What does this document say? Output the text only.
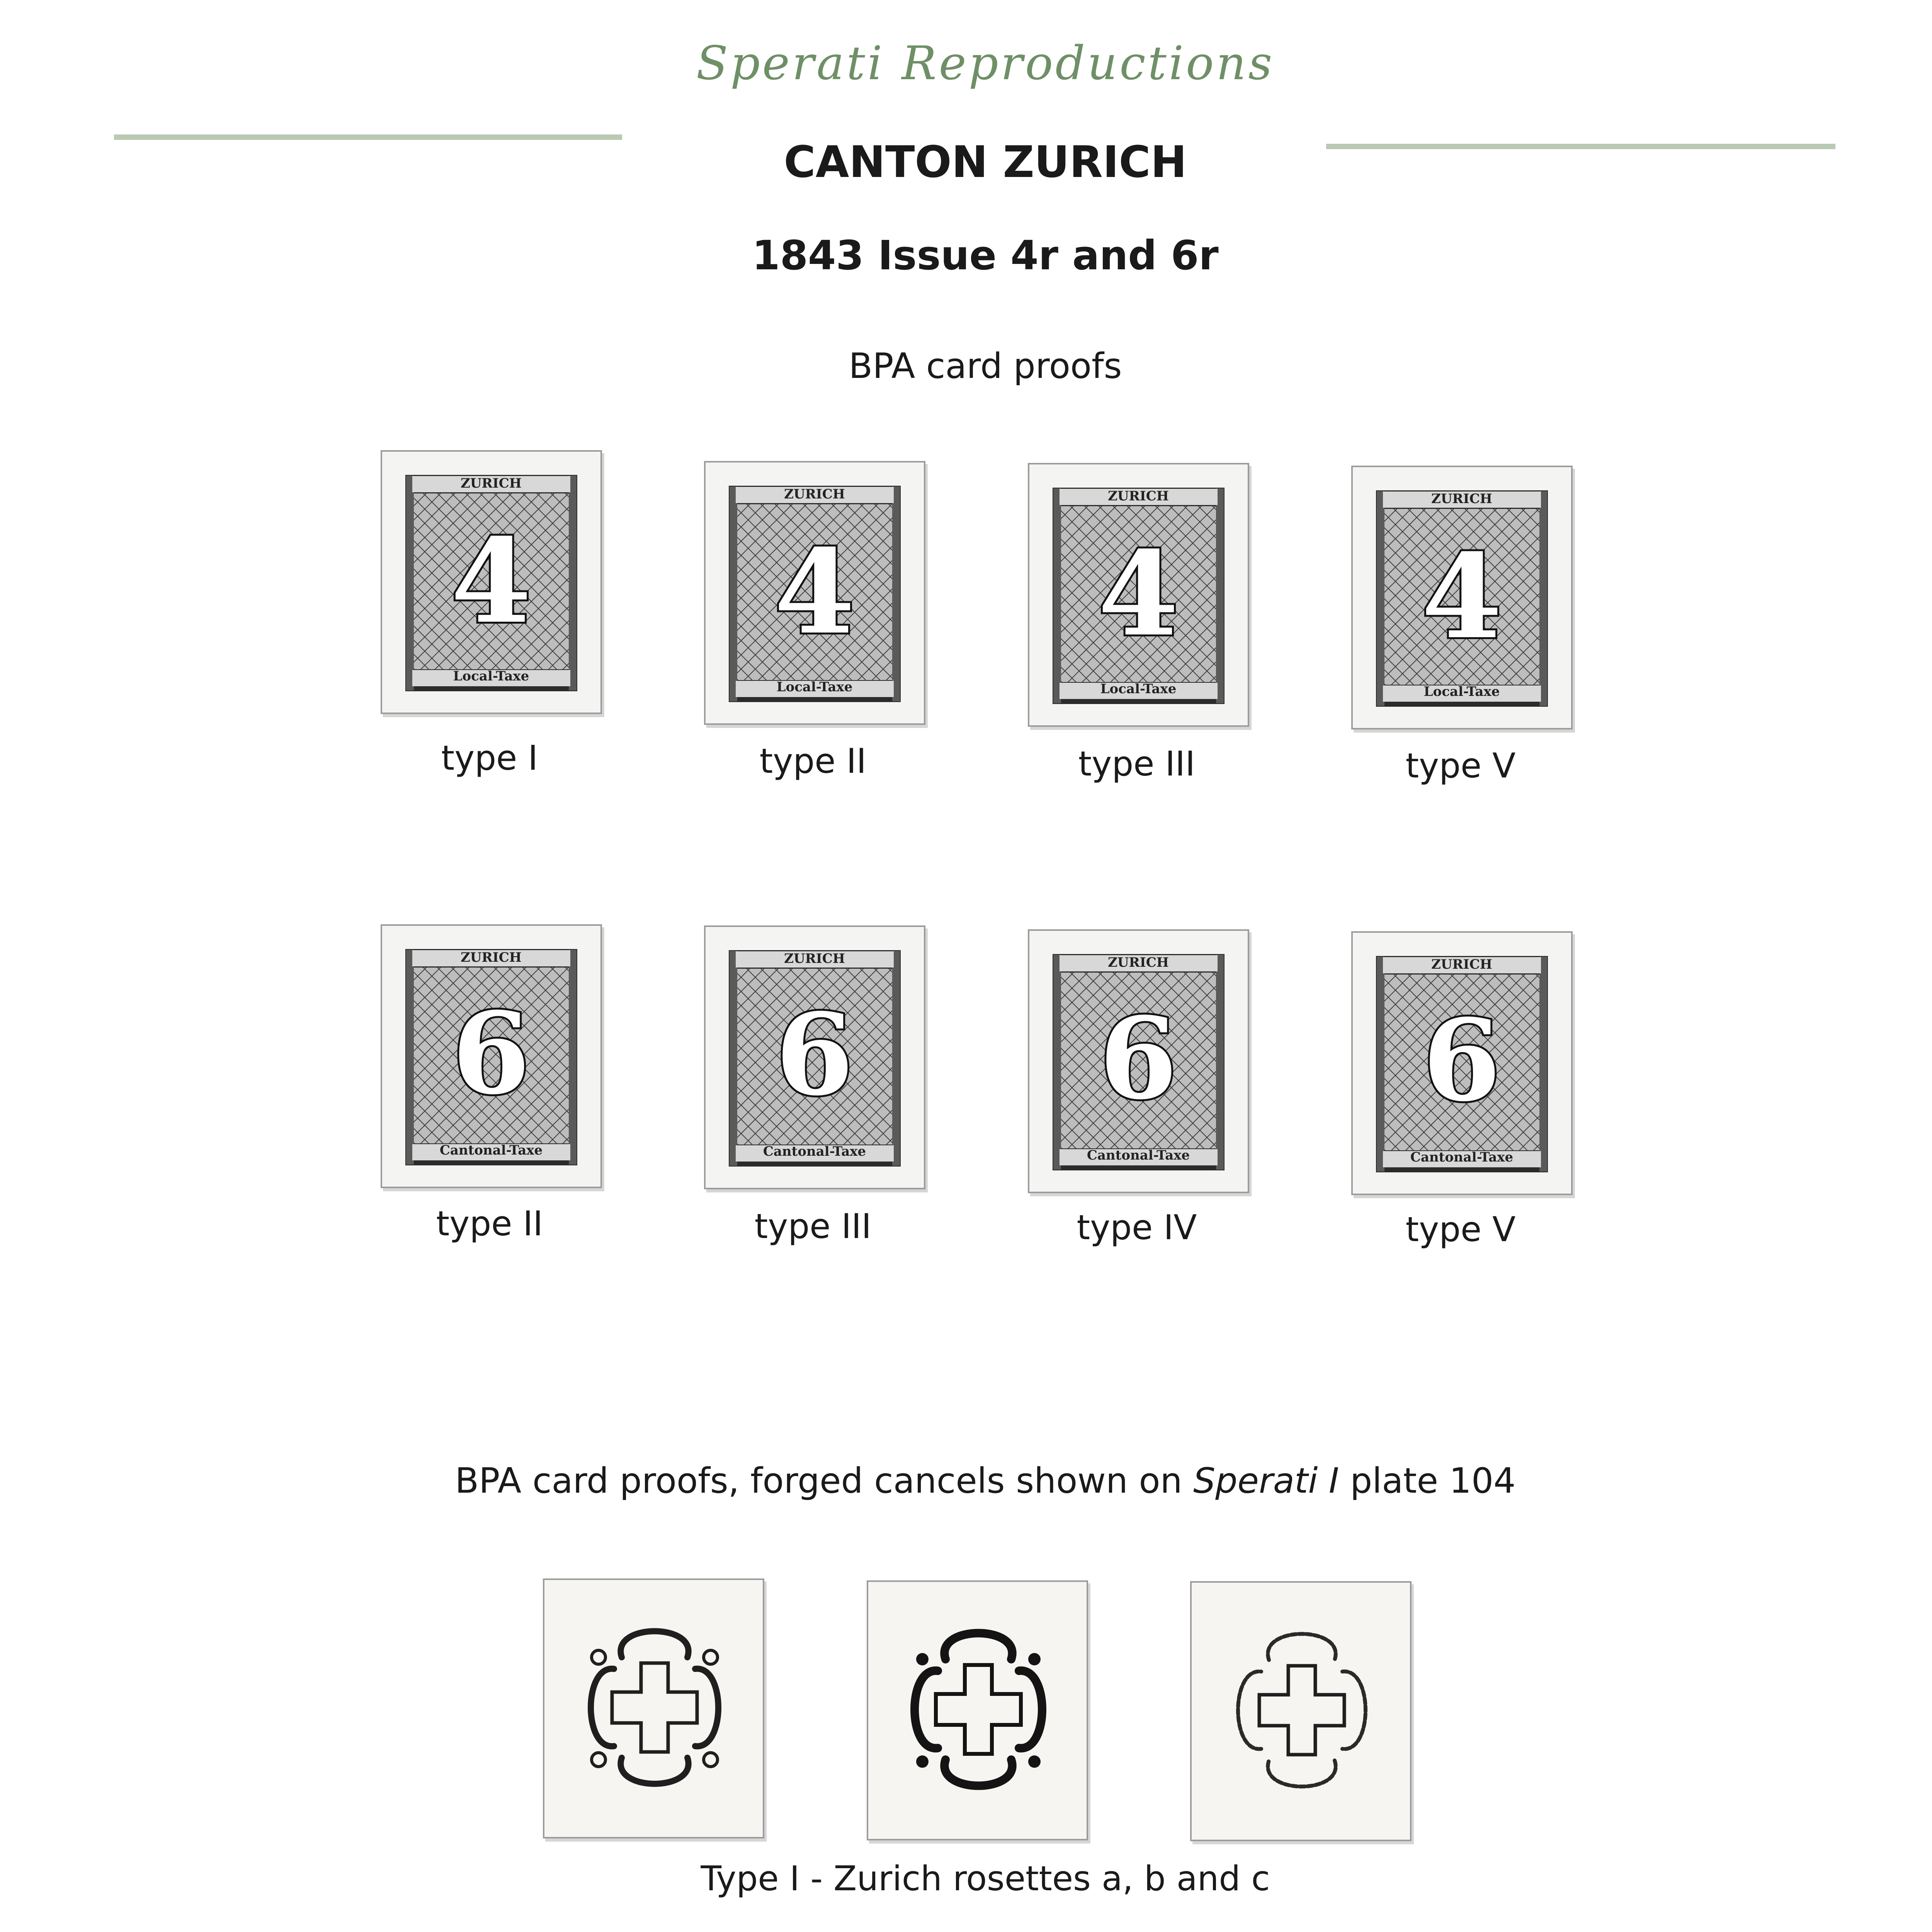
Sperati Reproductions
CANTON ZURICH
1843 Issue 4r and 6r
BPA card proofs
4
ZURICH
Local-Taxe
type I
4
ZURICH
Local-Taxe
type II
4
ZURICH
Local-Taxe
type III
4
ZURICH
Local-Taxe
type V
6
ZURICH
Cantonal-Taxe
type II
6
ZURICH
Cantonal-Taxe
type III
6
ZURICH
Cantonal-Taxe
type IV
6
ZURICH
Cantonal-Taxe
type V
BPA card proofs, forged cancels shown on Sperati I plate 104
Type I - Zurich rosettes a, b and c
